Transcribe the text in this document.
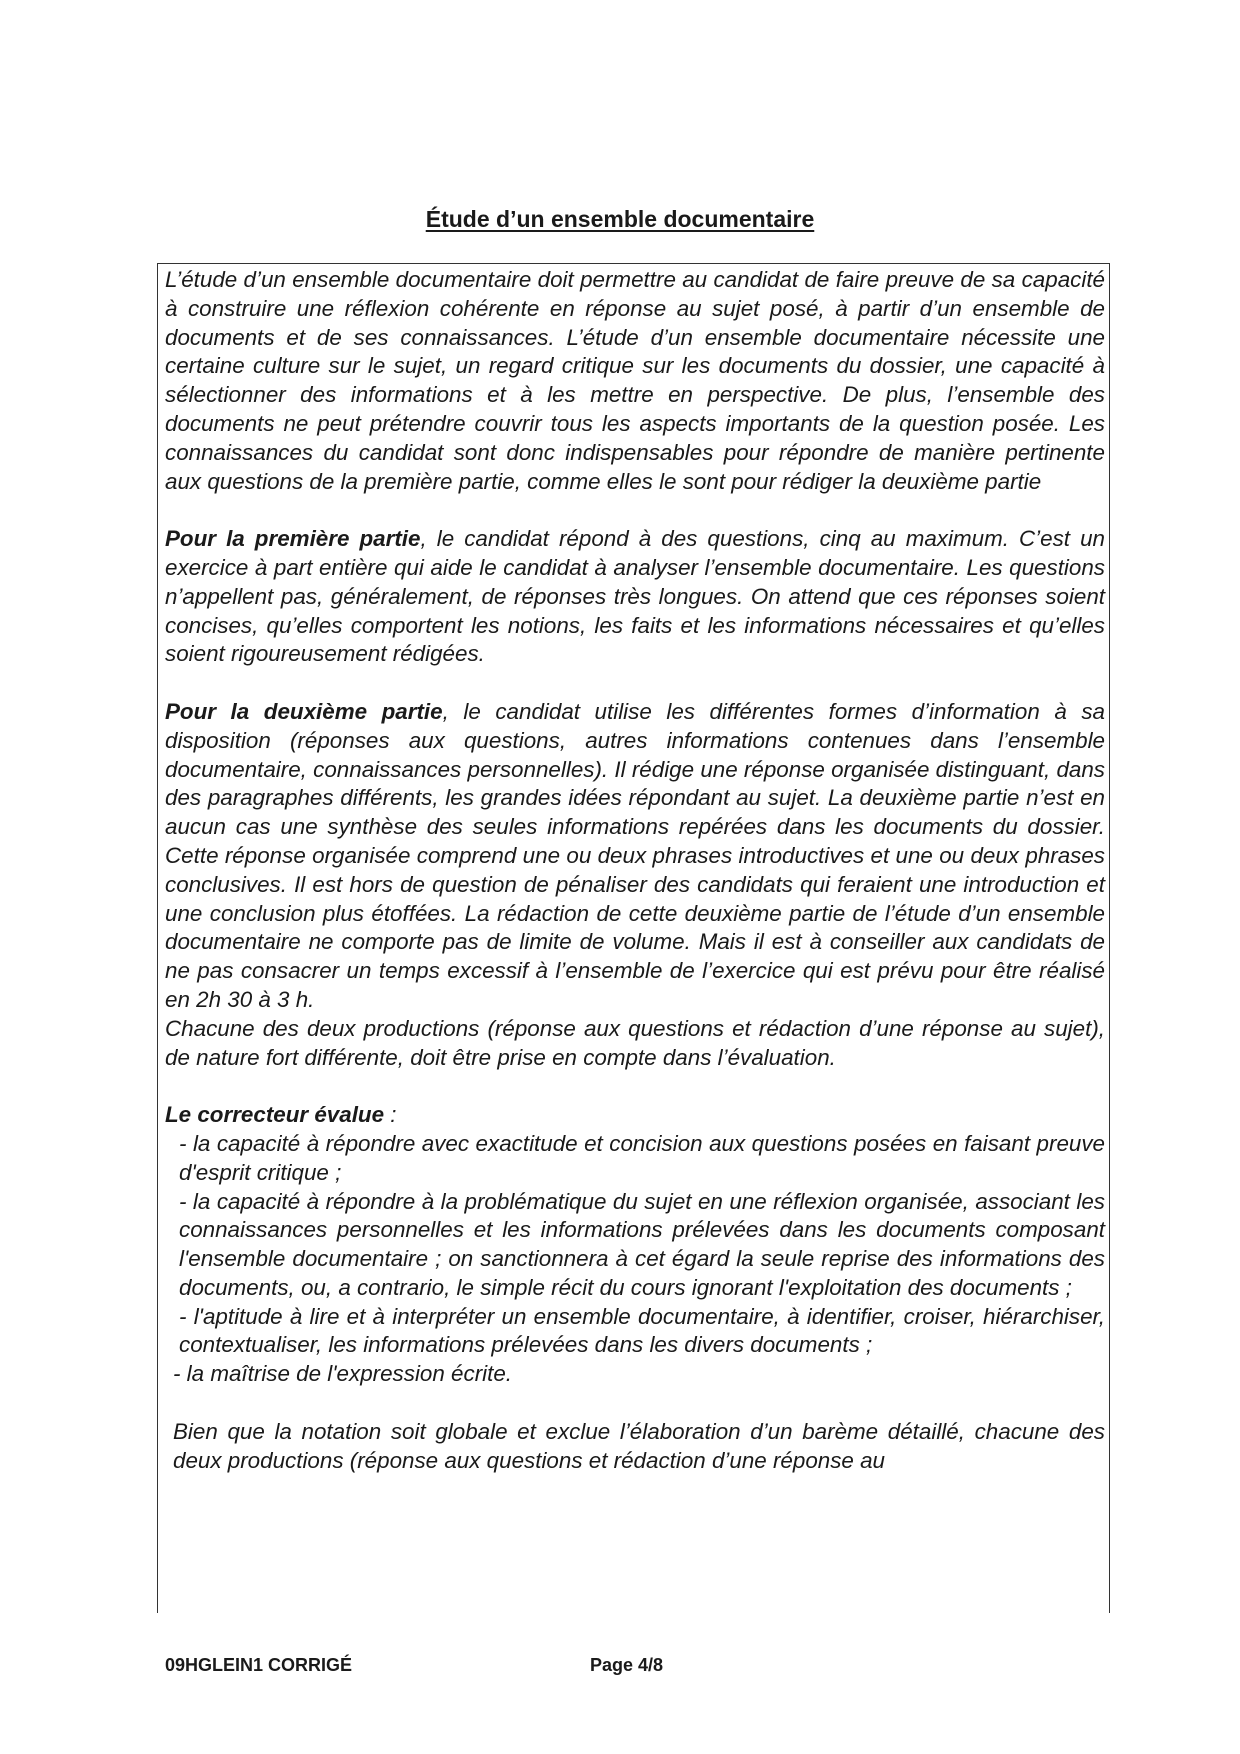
Étude d’un ensemble documentaire

L’étude d’un ensemble documentaire doit permettre au candidat de faire preuve de sa capacité à construire une réflexion cohérente en réponse au sujet posé, à partir d’un ensemble de documents et de ses connaissances. L’étude d’un ensemble documentaire nécessite une certaine culture sur le sujet, un regard critique sur les documents du dossier, une capacité à sélectionner des informations et à les mettre en perspective. De plus, l’ensemble des documents ne peut prétendre couvrir tous les aspects importants de la question posée. Les connaissances du candidat sont donc indispensables pour répondre de manière pertinente aux questions de la première partie, comme elles le sont pour rédiger la deuxième partie

Pour la première partie, le candidat répond à des questions, cinq au maximum. C’est un exercice à part entière qui aide le candidat à analyser l’ensemble documentaire. Les questions n’appellent pas, généralement, de réponses très longues. On attend que ces réponses soient concises, qu’elles comportent les notions, les faits et les informations nécessaires et qu’elles soient rigoureusement rédigées.

Pour la deuxième partie, le candidat utilise les différentes formes d’information à sa disposition (réponses aux questions, autres informations contenues dans l’ensemble documentaire, connaissances personnelles). Il rédige une réponse organisée distinguant, dans des paragraphes différents, les grandes idées répondant au sujet. La deuxième partie n’est en aucun cas une synthèse des seules informations repérées dans les documents du dossier. Cette réponse organisée comprend une ou deux phrases introductives et une ou deux phrases conclusives. Il est hors de question de pénaliser des candidats qui feraient une introduction et une conclusion plus étoffées. La rédaction de cette deuxième partie de l’étude d’un ensemble documentaire ne comporte pas de limite de volume. Mais il est à conseiller aux candidats de ne pas consacrer un temps excessif à l’ensemble de l’exercice qui est prévu pour être réalisé en 2h 30 à 3 h.

Chacune des deux productions (réponse aux questions et rédaction d’une réponse au sujet), de nature fort différente, doit être prise en compte dans l’évaluation.

Le correcteur évalue :

- la capacité à répondre avec exactitude et concision aux questions posées en faisant preuve d'esprit critique ;

- la capacité à répondre à la problématique du sujet en une réflexion organisée, associant les connaissances personnelles et les informations prélevées dans les documents composant l'ensemble documentaire ; on sanctionnera à cet égard la seule reprise des informations des documents, ou, a contrario, le simple récit du cours ignorant l'exploitation des documents ;

- l'aptitude à lire et à interpréter un ensemble documentaire, à identifier, croiser, hiérarchiser, contextualiser, les informations prélevées dans les divers documents ;

- la maîtrise de l'expression écrite.

Bien que la notation soit globale et exclue l’élaboration d’un barème détaillé, chacune des deux productions (réponse aux questions et rédaction d’une réponse au

09HGLEIN1 CORRIGÉ	Page 4/8
